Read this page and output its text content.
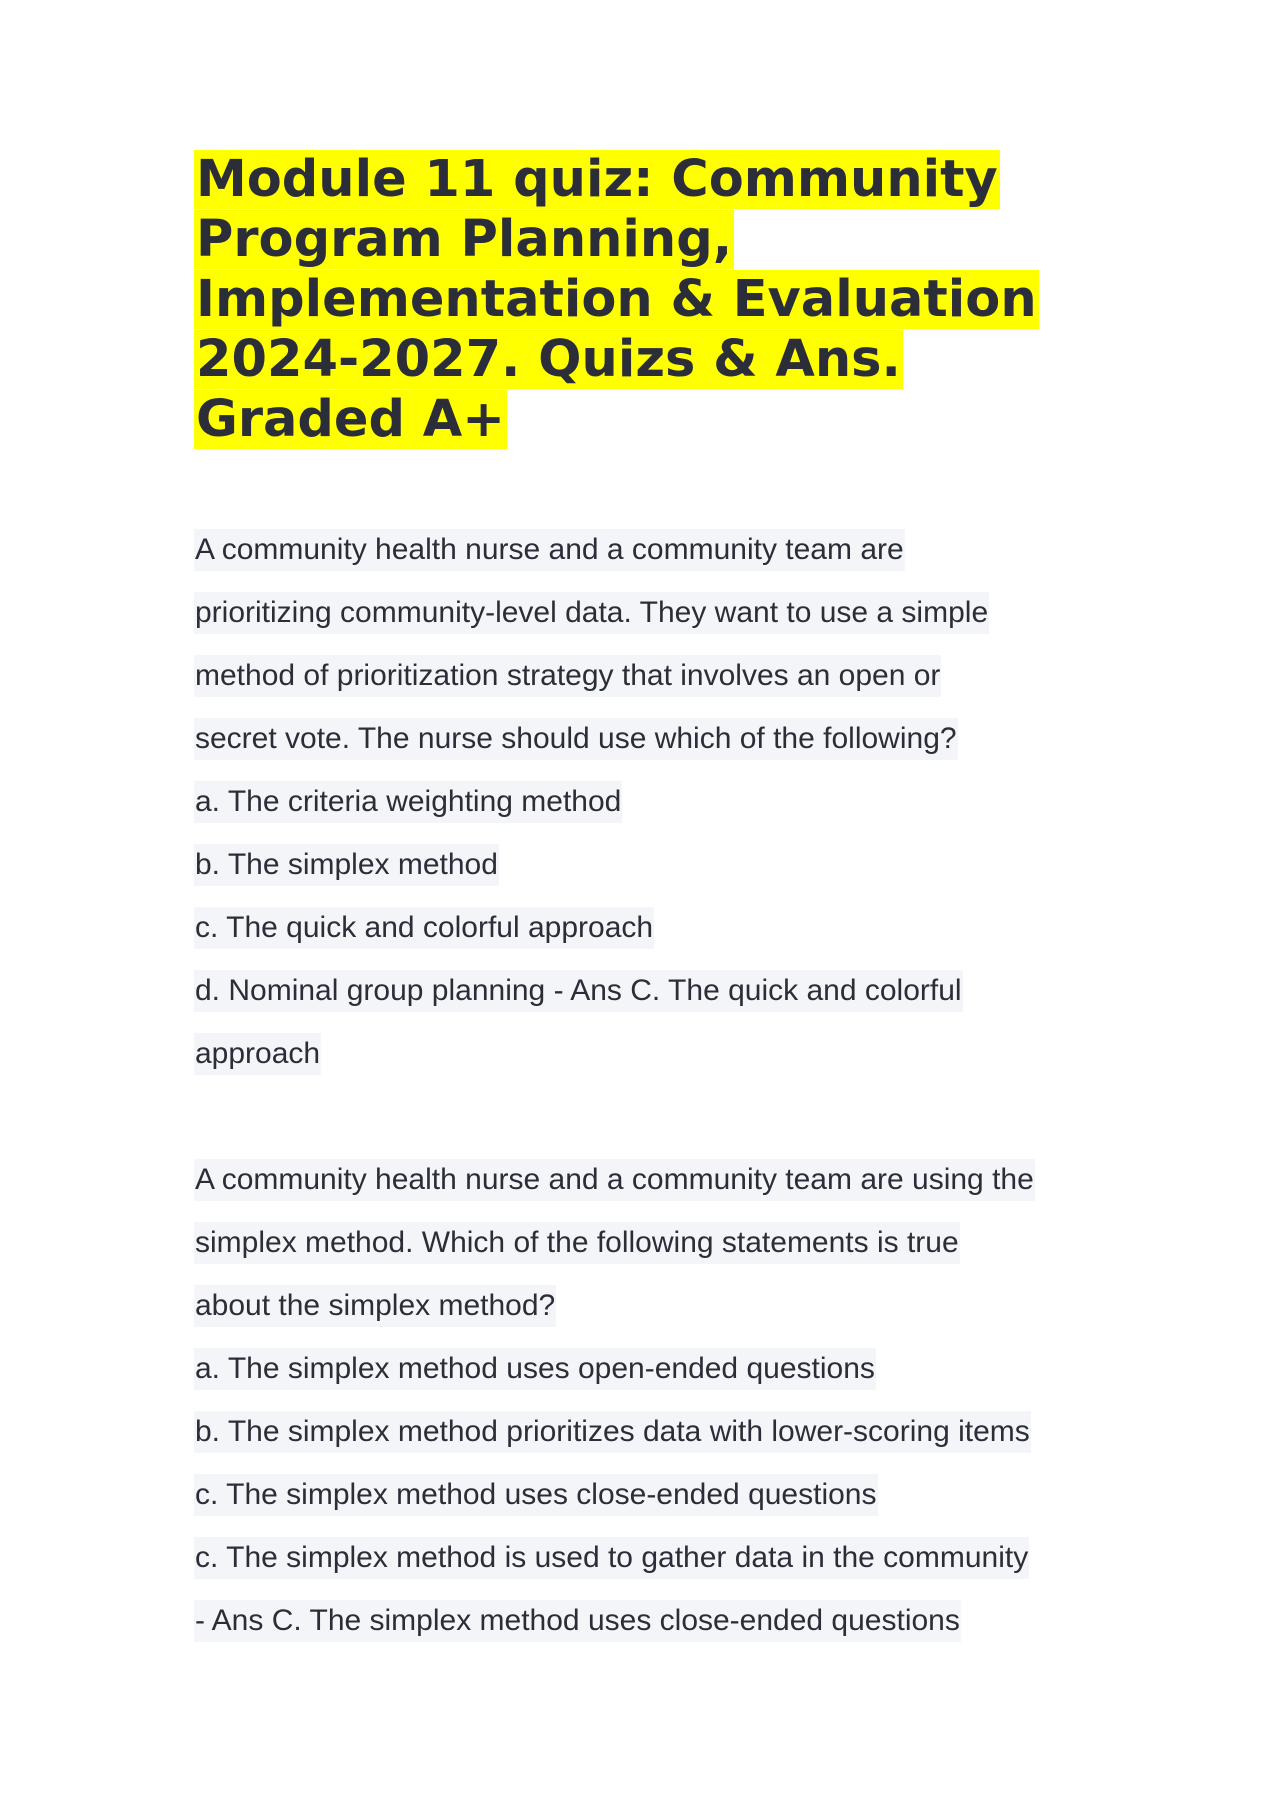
Module 11 quiz: Community
Program Planning,
Implementation & Evaluation
2024-2027. Quizs & Ans.
Graded A+
A community health nurse and a community team are
prioritizing community-level data. They want to use a simple
method of prioritization strategy that involves an open or
secret vote. The nurse should use which of the following?
a. The criteria weighting method
b. The simplex method
c. The quick and colorful approach
d. Nominal group planning - Ans C. The quick and colorful
approach
A community health nurse and a community team are using the
simplex method. Which of the following statements is true
about the simplex method?
a. The simplex method uses open-ended questions
b. The simplex method prioritizes data with lower-scoring items
c. The simplex method uses close-ended questions
c. The simplex method is used to gather data in the community
- Ans C. The simplex method uses close-ended questions
